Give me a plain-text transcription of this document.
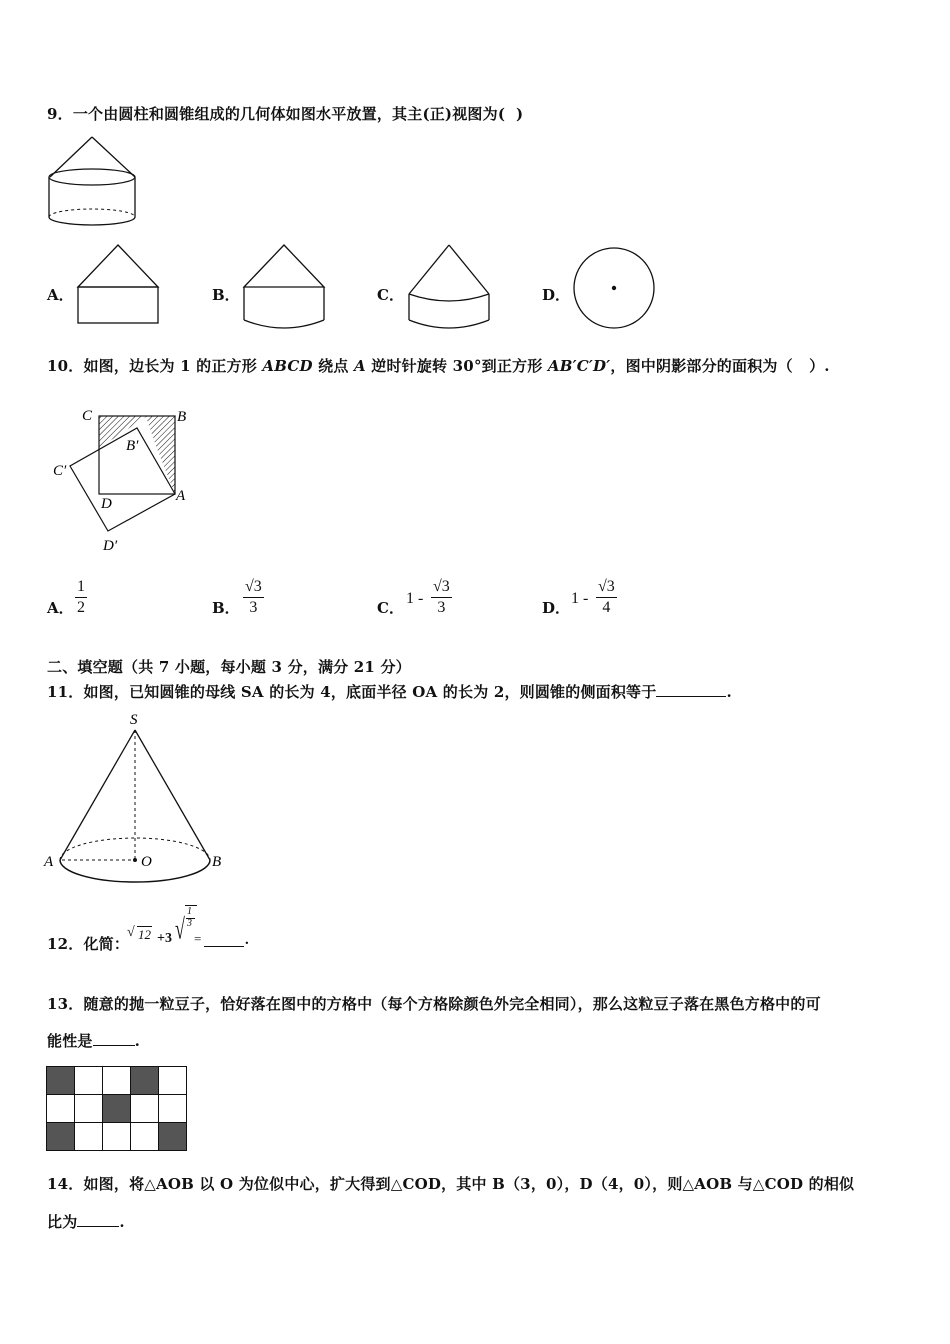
9．一个由圆柱和圆锥组成的几何体如图水平放置，其主(正)视图为(  )
A．	B．	C．	D．
10．如图，边长为 1 的正方形 ABCD 绕点 A 逆时针旋转 30°到正方形 AB′C′D′，图中阴影部分的面积为（   ）.
C	B
B′
C′
D	A
D′
A．
1
2	B．
√3
3	C．
1 -
√3
3	D．
1 -
√3
4
二、填空题（共 7 小题，每小题 3 分，满分 21 分）
11．如图，已知圆锥的母线 SA 的长为 4，底面半径 OA 的长为 2，则圆锥的侧面积等于	.
S
A	O	B
12．化简：
√ 12 +3 √
1
3
=	.
13．随意的抛一粒豆子，恰好落在图中的方格中（每个方格除颜色外完全相同），那么这粒豆子落在黑色方格中的可
能性是	.
14．如图，将△AOB 以 O 为位似中心，扩大得到△COD，其中 B（3，0），D（4，0），则△AOB 与△COD 的相似
比为	.
